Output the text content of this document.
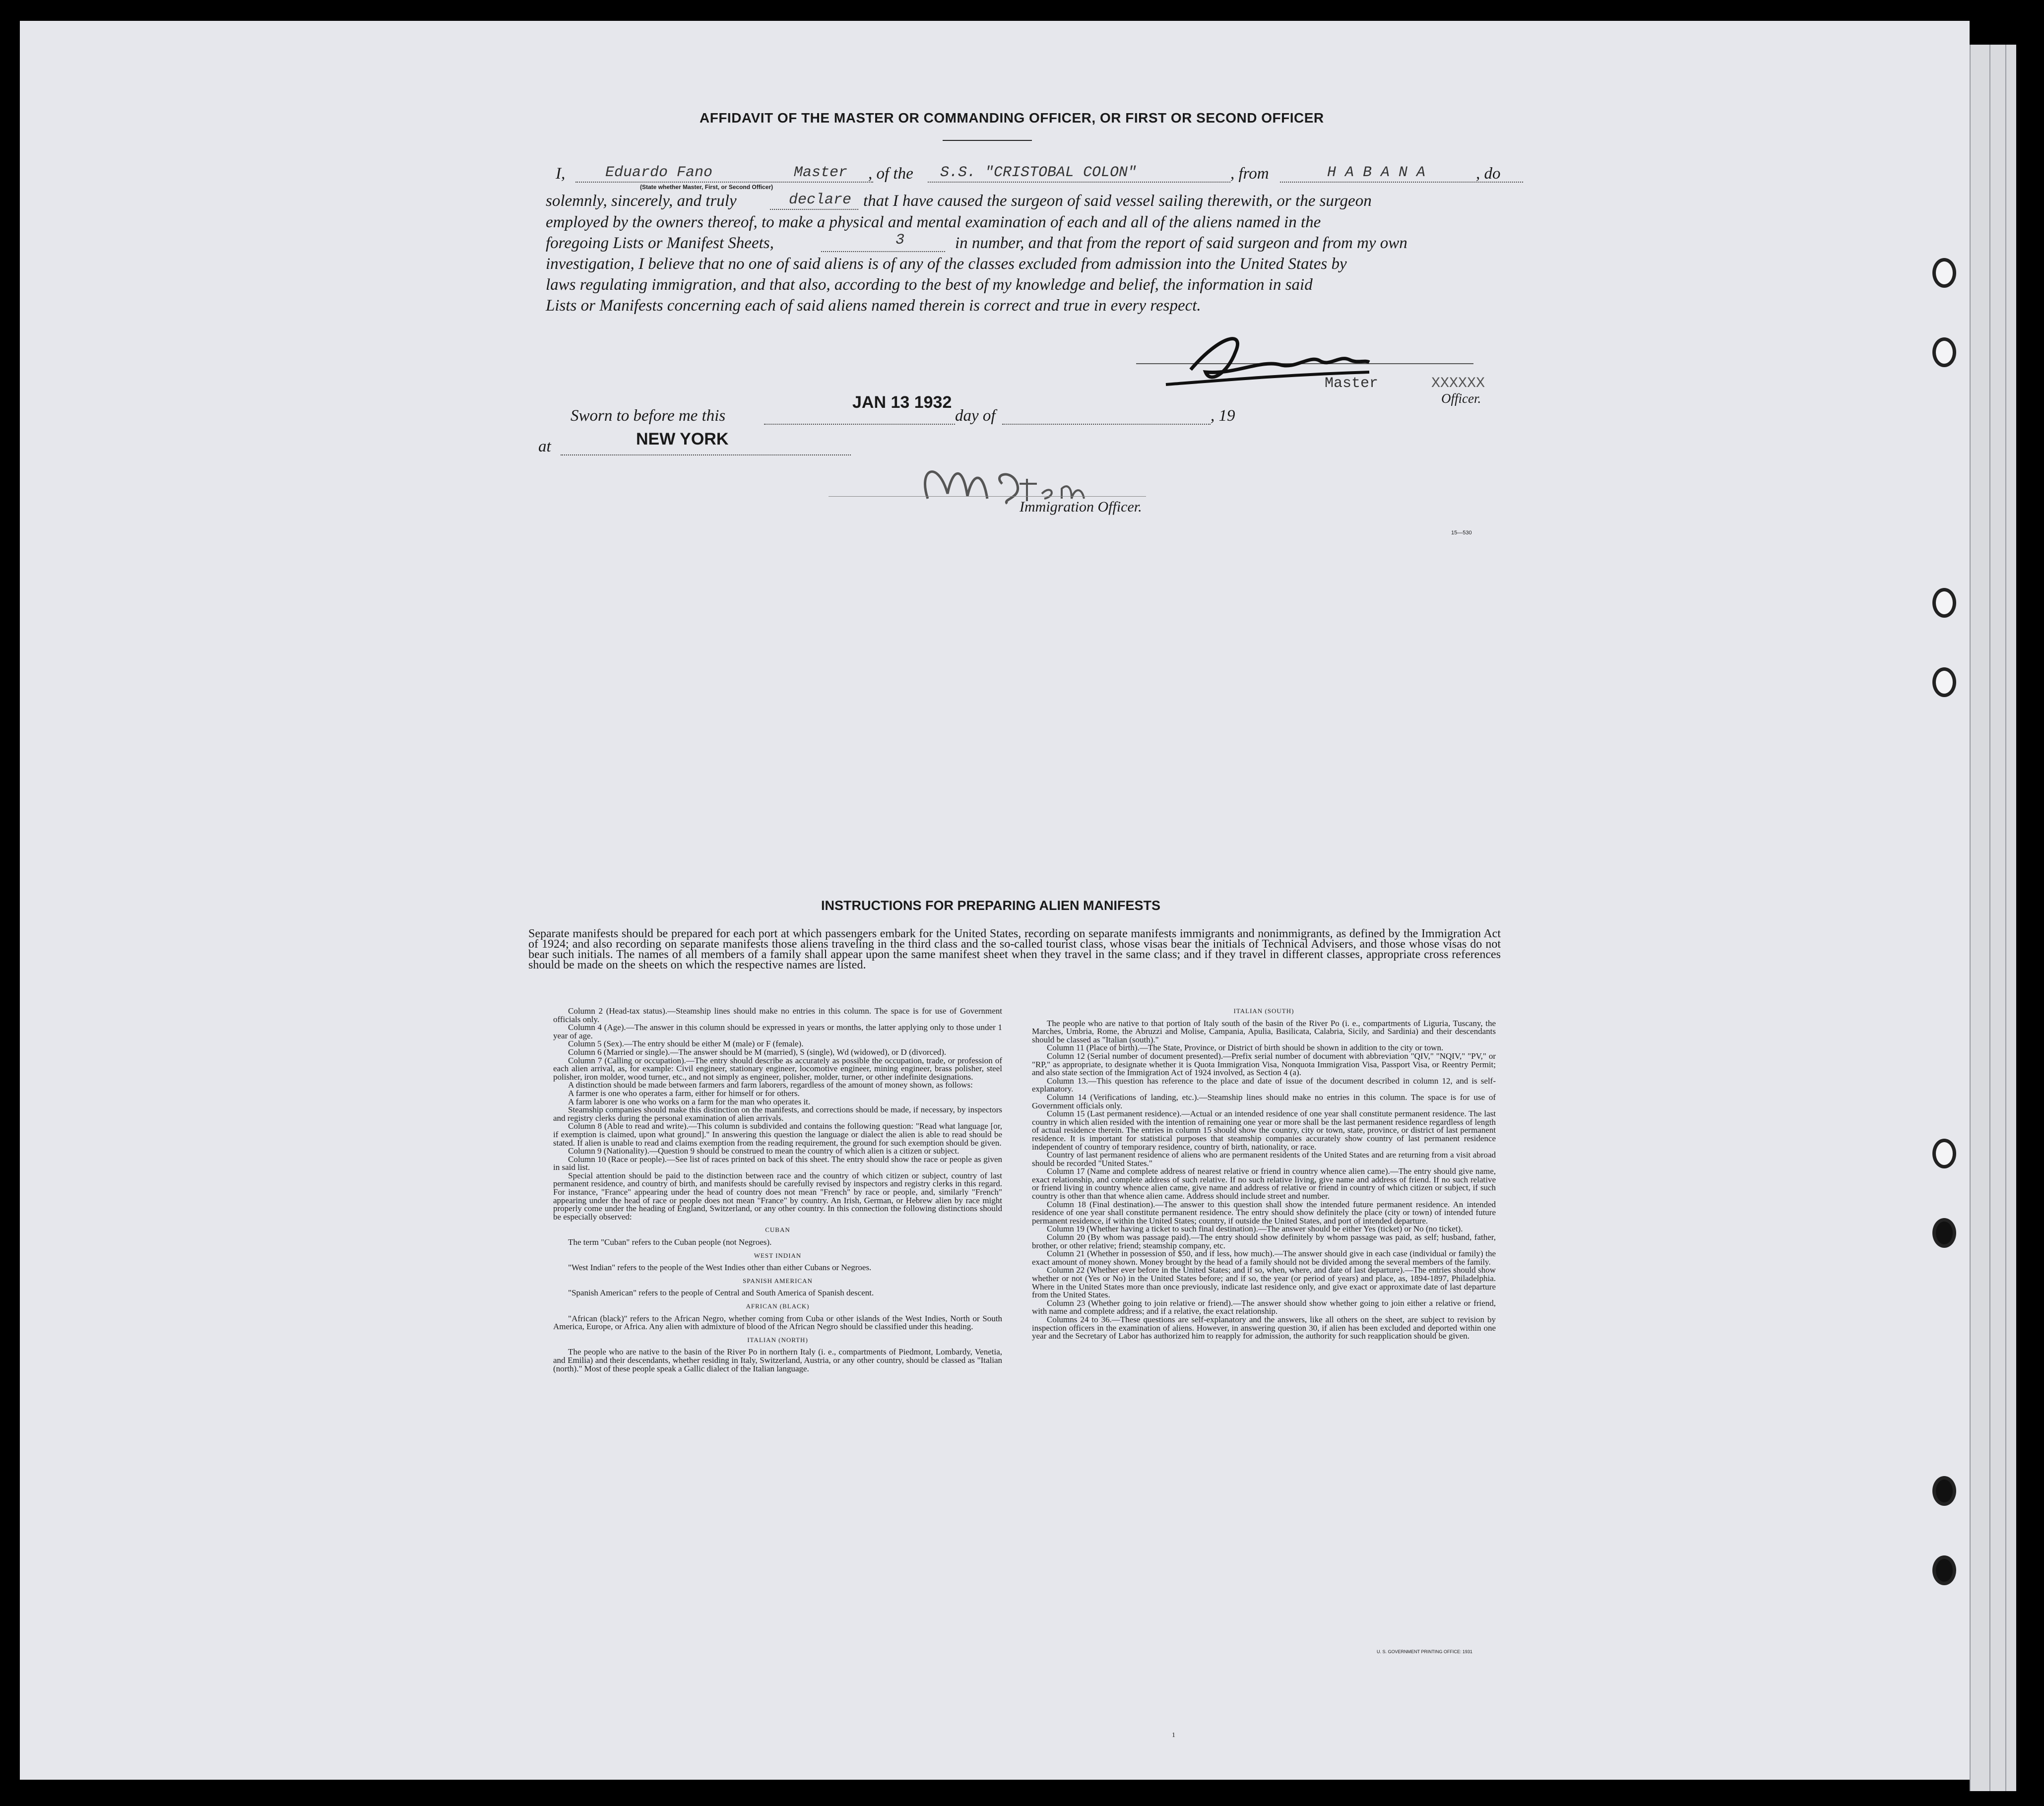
AFFIDAVIT OF THE MASTER OR COMMANDING OFFICER, OR FIRST OR SECOND OFFICER
I,	Eduardo Fano	Master , of the S.S. "CRISTOBAL COLON"	, from	H A B A N A	, do
(State whether Master, First, or Second Officer)
solemnly, sincerely, and truly	declare that I have caused the surgeon of said vessel sailing therewith, or the surgeon
employed by the owners thereof, to make a physical and mental examination of each and all of the aliens named in the
foregoing Lists or Manifest Sheets,	3	in number, and that from the report of said surgeon and from my own
investigation, I believe that no one of said aliens is of any of the classes excluded from admission into the United States by
laws regulating immigration, and that also, according to the best of my knowledge and belief, the information in said
Lists or Manifests concerning each of said aliens named therein is correct and true in every respect.
Fano
Master	XXXXXX
Officer.
Sworn to before me this	day of	, 19
JAN 13 1932
at	NEW YORK
M. Stern
Immigration Officer.
15—530
INSTRUCTIONS FOR PREPARING ALIEN MANIFESTS
Separate manifests should be prepared for each port at which passengers embark for the United States, recording on separate manifests immigrants and nonimmigrants, as defined by the Immigration Act of 1924; and also recording on separate manifests those aliens traveling in the third class and the so-called tourist class, whose visas bear the initials of Technical Advisers, and those whose visas do not bear such initials. The names of all members of a family shall appear upon the same manifest sheet when they travel in the same class; and if they travel in different classes, appropriate cross references should be made on the sheets on which the respective names are listed.

Column 2 (Head-tax status).—Steamship lines should make no entries in this column. The space is for use of Government officials only.

Column 4 (Age).—The answer in this column should be expressed in years or months, the latter applying only to those under 1 year of age.

Column 5 (Sex).—The entry should be either M (male) or F (female).

Column 6 (Married or single).—The answer should be M (married), S (single), Wd (widowed), or D (divorced).

Column 7 (Calling or occupation).—The entry should describe as accurately as possible the occupation, trade, or profession of each alien arrival, as, for example: Civil engineer, stationary engineer, locomotive engineer, mining engineer, brass polisher, steel polisher, iron molder, wood turner, etc., and not simply as engineer, polisher, molder, turner, or other indefinite designations.

A distinction should be made between farmers and farm laborers, regardless of the amount of money shown, as follows:

A farmer is one who operates a farm, either for himself or for others.

A farm laborer is one who works on a farm for the man who operates it.

Steamship companies should make this distinction on the manifests, and corrections should be made, if necessary, by inspectors and registry clerks during the personal examination of alien arrivals.

Column 8 (Able to read and write).—This column is subdivided and contains the following question: "Read what language [or, if exemption is claimed, upon what ground]." In answering this question the language or dialect the alien is able to read should be stated. If alien is unable to read and claims exemption from the reading requirement, the ground for such exemption should be given.

Column 9 (Nationality).—Question 9 should be construed to mean the country of which alien is a citizen or subject.

Column 10 (Race or people).—See list of races printed on back of this sheet. The entry should show the race or people as given in said list.

Special attention should be paid to the distinction between race and the country of which citizen or subject, country of last permanent residence, and country of birth, and manifests should be carefully revised by inspectors and registry clerks in this regard. For instance, "France" appearing under the head of country does not mean "French" by race or people, and, similarly "French" appearing under the head of race or people does not mean "France" by country. An Irish, German, or Hebrew alien by race might properly come under the heading of England, Switzerland, or any other country. In this connection the following distinctions should be especially observed:

CUBAN

The term "Cuban" refers to the Cuban people (not Negroes).

WEST INDIAN

"West Indian" refers to the people of the West Indies other than either Cubans or Negroes.

SPANISH AMERICAN

"Spanish American" refers to the people of Central and South America of Spanish descent.

AFRICAN (BLACK)

"African (black)" refers to the African Negro, whether coming from Cuba or other islands of the West Indies, North or South America, Europe, or Africa. Any alien with admixture of blood of the African Negro should be classified under this heading.

ITALIAN (NORTH)

The people who are native to the basin of the River Po in northern Italy (i. e., compartments of Piedmont, Lombardy, Venetia, and Emilia) and their descendants, whether residing in Italy, Switzerland, Austria, or any other country, should be classed as "Italian (north)." Most of these people speak a Gallic dialect of the Italian language.

ITALIAN (SOUTH)

The people who are native to that portion of Italy south of the basin of the River Po (i. e., compartments of Liguria, Tuscany, the Marches, Umbria, Rome, the Abruzzi and Molise, Campania, Apulia, Basilicata, Calabria, Sicily, and Sardinia) and their descendants should be classed as "Italian (south)."

Column 11 (Place of birth).—The State, Province, or District of birth should be shown in addition to the city or town.

Column 12 (Serial number of document presented).—Prefix serial number of document with abbreviation "QIV," "NQIV," "PV," or "RP," as appropriate, to designate whether it is Quota Immigration Visa, Nonquota Immigration Visa, Passport Visa, or Reentry Permit; and also state section of the Immigration Act of 1924 involved, as Section 4 (a).

Column 13.—This question has reference to the place and date of issue of the document described in column 12, and is self-explanatory.

Column 14 (Verifications of landing, etc.).—Steamship lines should make no entries in this column. The space is for use of Government officials only.

Column 15 (Last permanent residence).—Actual or an intended residence of one year shall constitute permanent residence. The last country in which alien resided with the intention of remaining one year or more shall be the last permanent residence regardless of length of actual residence therein. The entries in column 15 should show the country, city or town, state, province, or district of last permanent residence. It is important for statistical purposes that steamship companies accurately show country of last permanent residence independent of country of temporary residence, country of birth, nationality, or race.

Country of last permanent residence of aliens who are permanent residents of the United States and are returning from a visit abroad should be recorded "United States."

Column 17 (Name and complete address of nearest relative or friend in country whence alien came).—The entry should give name, exact relationship, and complete address of such relative. If no such relative living, give name and address of friend. If no such relative or friend living in country whence alien came, give name and address of relative or friend in country of which citizen or subject, if such country is other than that whence alien came. Address should include street and number.

Column 18 (Final destination).—The answer to this question shall show the intended future permanent residence. An intended residence of one year shall constitute permanent residence. The entry should show definitely the place (city or town) of intended future permanent residence, if within the United States; country, if outside the United States, and port of intended departure.

Column 19 (Whether having a ticket to such final destination).—The answer should be either Yes (ticket) or No (no ticket).

Column 20 (By whom was passage paid).—The entry should show definitely by whom passage was paid, as self; husband, father, brother, or other relative; friend; steamship company, etc.

Column 21 (Whether in possession of $50, and if less, how much).—The answer should give in each case (individual or family) the exact amount of money shown. Money brought by the head of a family should not be divided among the several members of the family.

Column 22 (Whether ever before in the United States; and if so, when, where, and date of last departure).—The entries should show whether or not (Yes or No) in the United States before; and if so, the year (or period of years) and place, as, 1894-1897, Philadelphia. Where in the United States more than once previously, indicate last residence only, and give exact or approximate date of last departure from the United States.

Column 23 (Whether going to join relative or friend).—The answer should show whether going to join either a relative or friend, with name and complete address; and if a relative, the exact relationship.

Columns 24 to 36.—These questions are self-explanatory and the answers, like all others on the sheet, are subject to revision by inspection officers in the examination of aliens. However, in answering question 30, if alien has been excluded and deported within one year and the Secretary of Labor has authorized him to reapply for admission, the authority for such reapplication should be given.

U. S. GOVERNMENT PRINTING OFFICE: 1931
1
